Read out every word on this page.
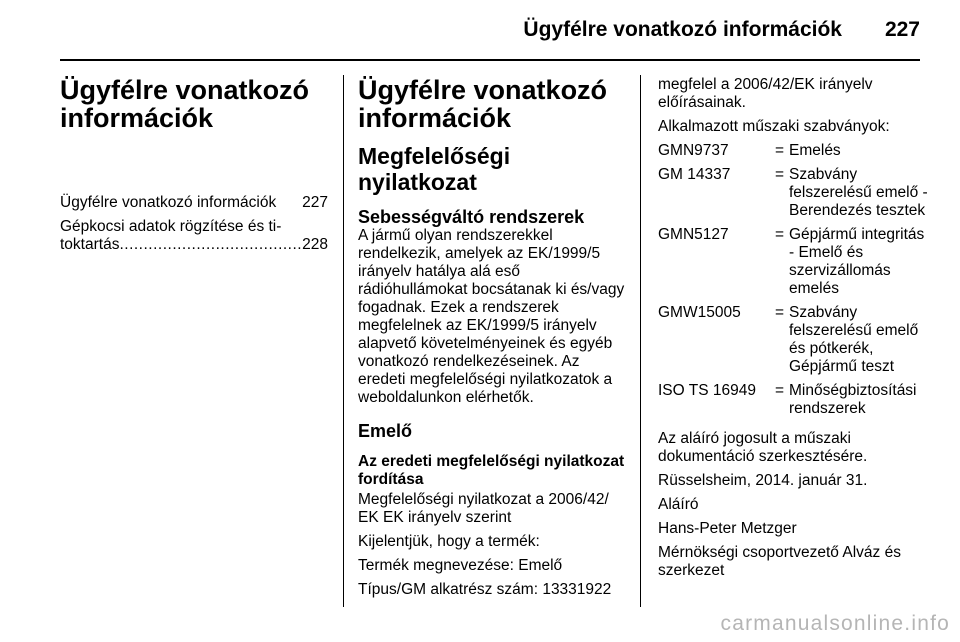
Ügyfélre vonatkozó információk	227
Ügyfélre vonatkozó információk
Ügyfélre vonatkozó információk 227
Gépkocsi adatok rögzítése és ti-
toktartás ...................................... 228
Ügyfélre vonatkozó információk
Megfelelőségi nyilatkozat
Sebességváltó rendszerek

A jármű olyan rendszerekkel rendelkezik, amelyek az EK/1999/5 irányelv hatálya alá eső rádióhullámokat bocsátanak ki és/vagy fogadnak. Ezek a rendszerek megfelelnek az EK/1999/5 irányelv alapvető követelményeinek és egyéb vonatkozó rendelkezéseinek. Az eredeti megfelelőségi nyilatkozatok a weboldalunkon elérhetők.

Emelő
Az eredeti megfelelőségi nyilatkozat fordítása

Megfelelőségi nyilatkozat a 2006/42/ EK EK irányelv szerint

Kijelentjük, hogy a termék:

Termék megnevezése: Emelő

Típus/GM alkatrész szám: 13331922

megfelel a 2006/42/EK irányelv előírásainak.

Alkalmazott műszaki szabványok:

GMN9737	= Emelés
GM 14337	= Szabvány felszerelésű emelő - Berendezés tesztek
GMN5127	= Gépjármű integritás - Emelő és szervizállomás emelés
GMW15005	= Szabvány felszerelésű emelő és pótkerék, Gépjármű teszt
ISO TS 16949	= Minőségbiztosítási rendszerek

Az aláíró jogosult a műszaki dokumentáció szerkesztésére.

Rüsselsheim, 2014. január 31.

Aláíró

Hans-Peter Metzger

Mérnökségi csoportvezető Alváz és szerkezet

carmanualsonline.info
